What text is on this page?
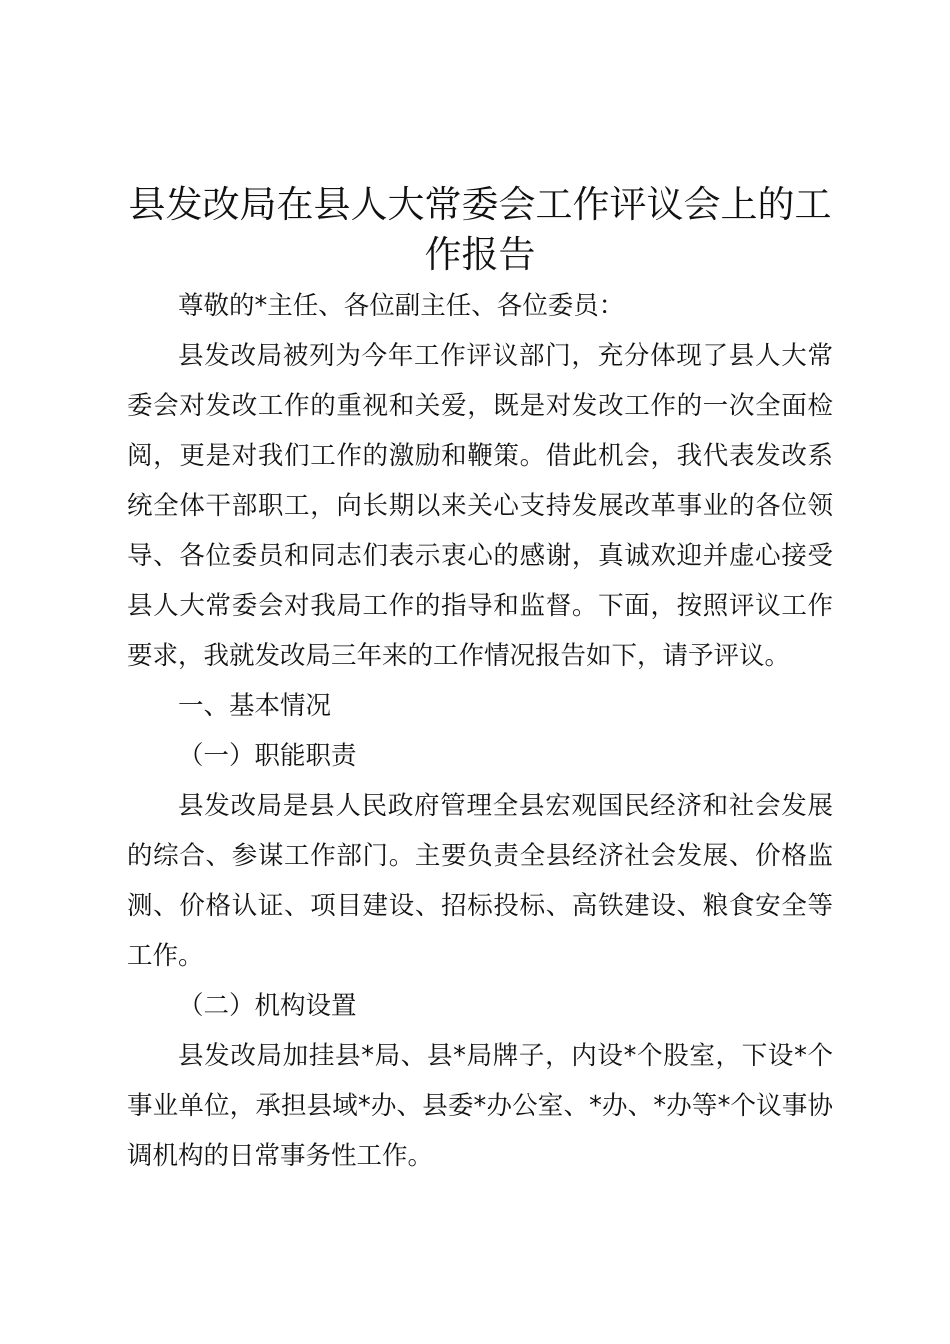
县发改局在县人大常委会工作评议会上的工作报告

尊敬的*主任、各位副主任、各位委员：

县发改局被列为今年工作评议部门，充分体现了县人大常委会对发改工作的重视和关爱，既是对发改工作的一次全面检阅，更是对我们工作的激励和鞭策。借此机会，我代表发改系统全体干部职工，向长期以来关心支持发展改革事业的各位领导、各位委员和同志们表示衷心的感谢，真诚欢迎并虚心接受县人大常委会对我局工作的指导和监督。下面，按照评议工作要求，我就发改局三年来的工作情况报告如下，请予评议。

一、基本情况

（一）职能职责

县发改局是县人民政府管理全县宏观国民经济和社会发展的综合、参谋工作部门。主要负责全县经济社会发展、价格监测、价格认证、项目建设、招标投标、高铁建设、粮食安全等工作。

（二）机构设置

县发改局加挂县*局、县*局牌子，内设*个股室，下设*个事业单位，承担县域*办、县委*办公室、*办、*办等*个议事协调机构的日常事务性工作。
